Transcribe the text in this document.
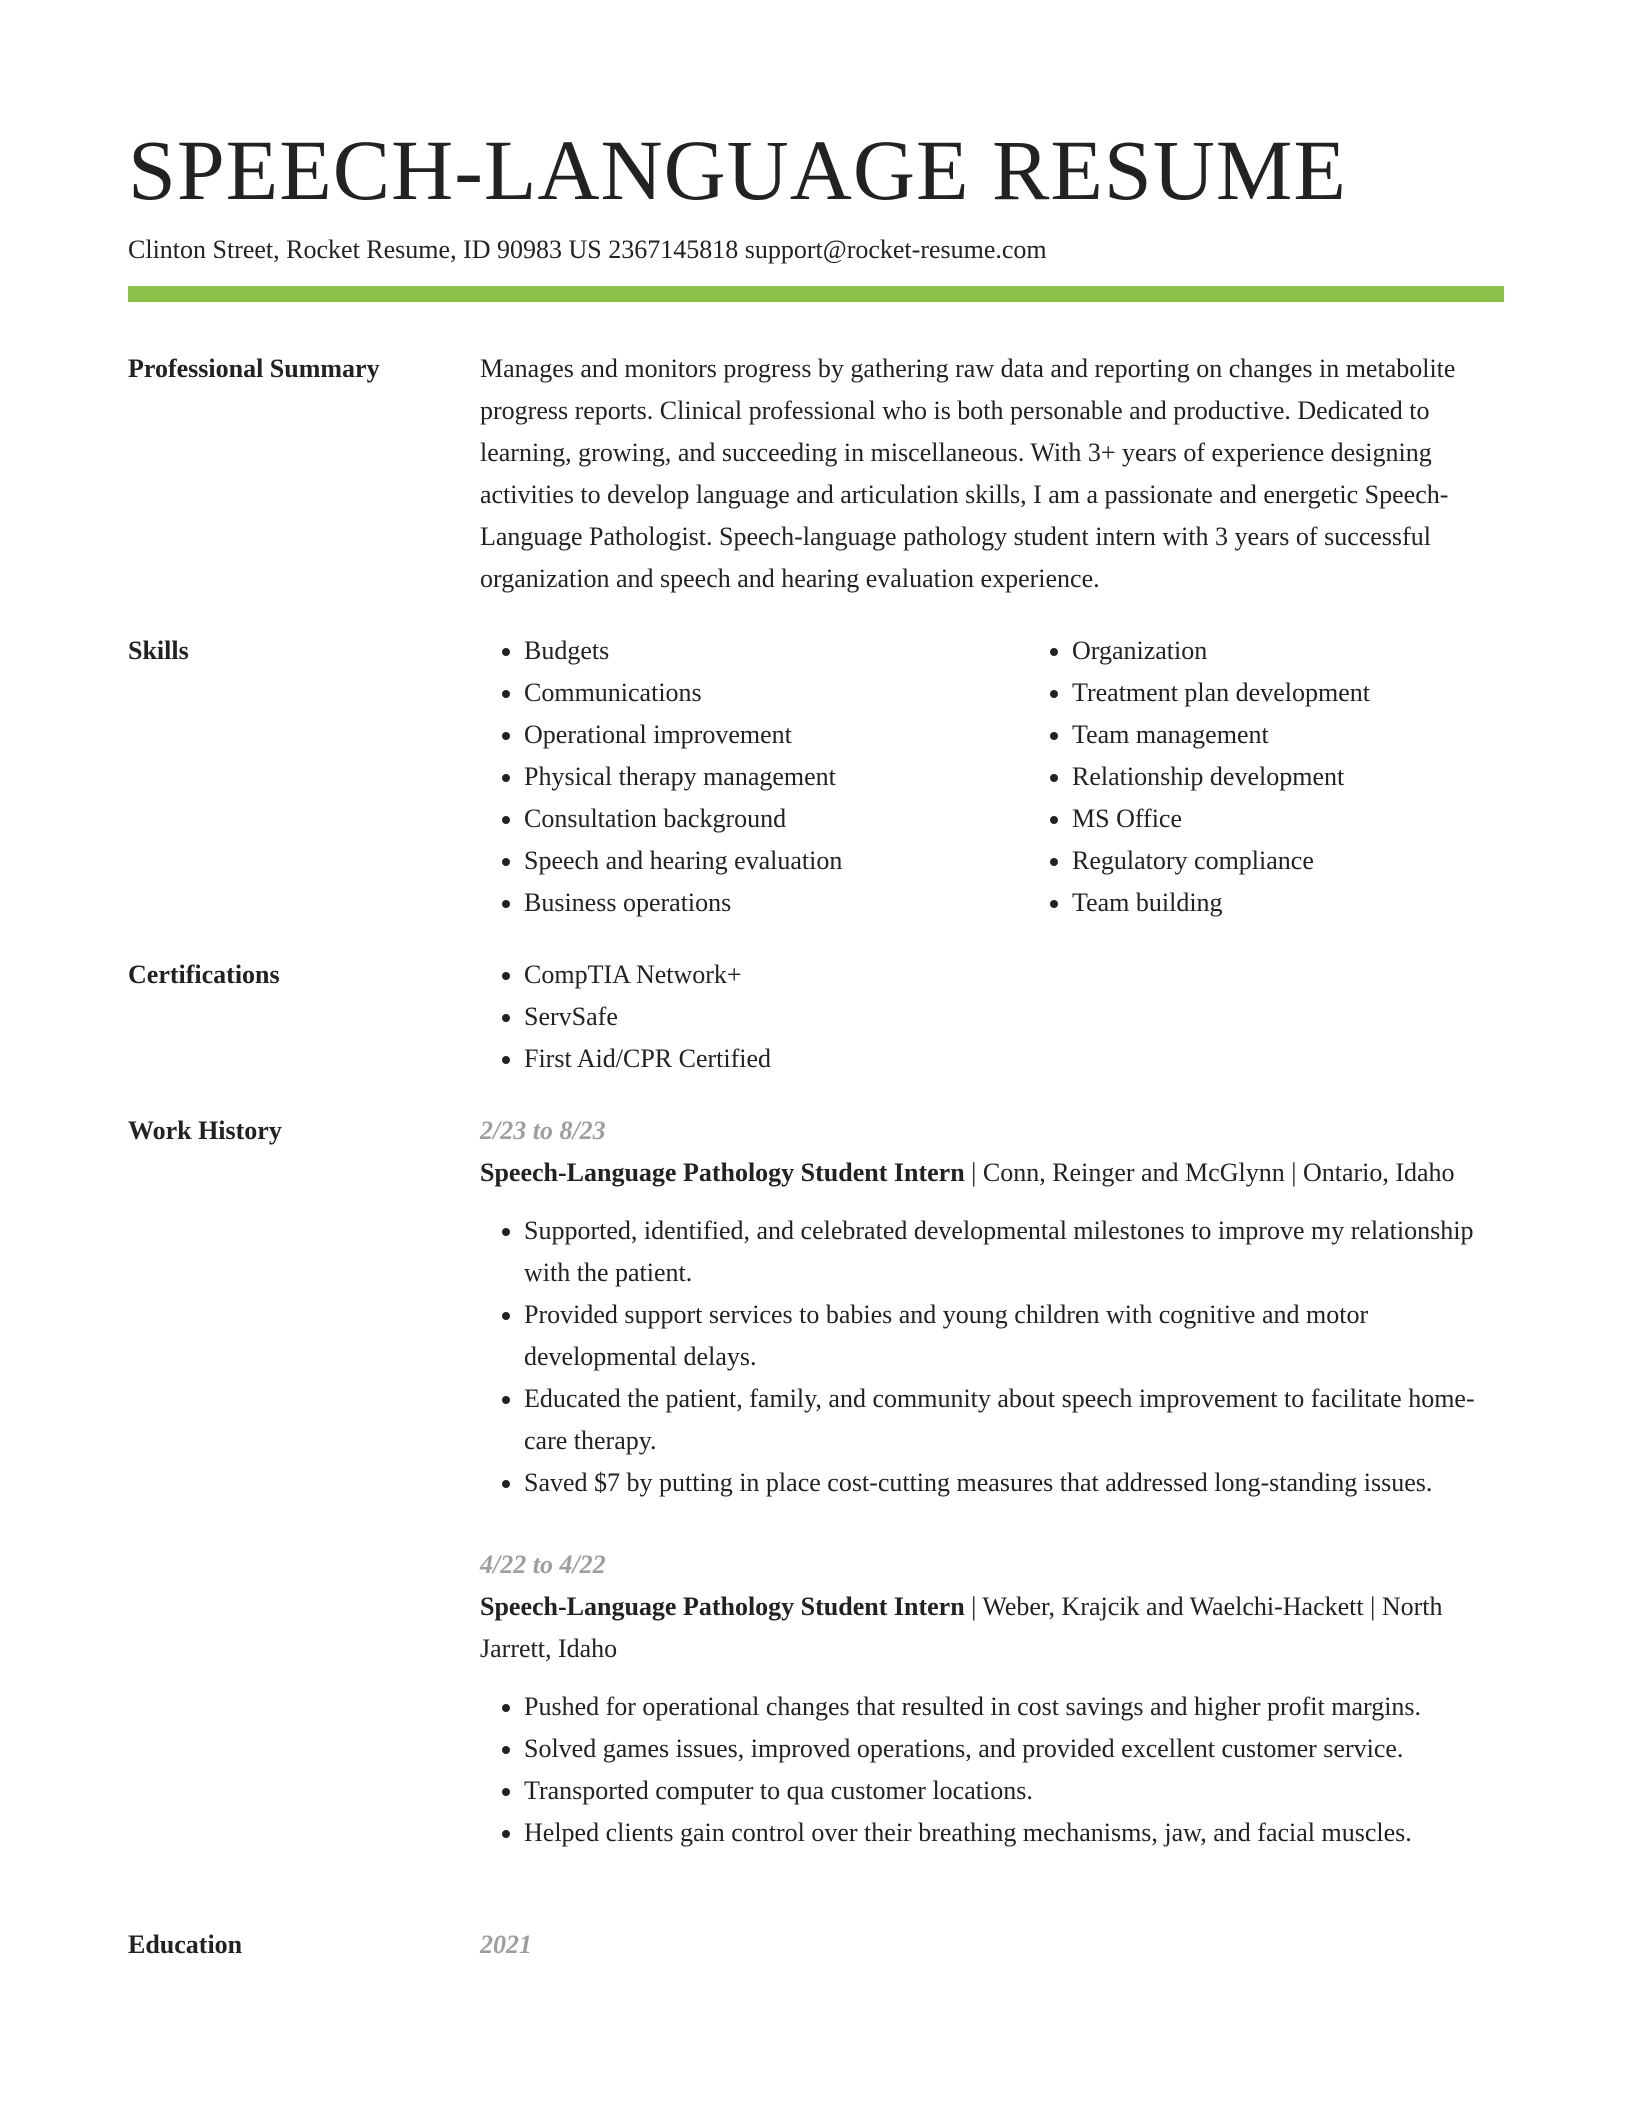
SPEECH-LANGUAGE RESUME
Clinton Street, Rocket Resume, ID 90983 US 2367145818 support@rocket-resume.com
Professional Summary	Manages and monitors progress by gathering raw data and reporting on changes in metabolite progress reports. Clinical professional who is both personable and productive. Dedicated to learning, growing, and succeeding in miscellaneous. With 3+ years of experience designing activities to develop language and articulation skills, I am a passionate and energetic Speech-Language Pathologist. Speech-language pathology student intern with 3 years of successful organization and speech and hearing evaluation experience.

Skills	• Budgets
• Communications
• Operational improvement
• Physical therapy management
• Consultation background
• Speech and hearing evaluation
• Business operations
• Organization
• Treatment plan development
• Team management
• Relationship development
• MS Office
• Regulatory compliance
• Team building
Certifications	• CompTIA Network+
• ServSafe
• First Aid/CPR Certified
Work History	2/23 to 8/23
Speech-Language Pathology Student Intern | Conn, Reinger and McGlynn | Ontario, Idaho
• Supported, identified, and celebrated developmental milestones to improve my relationship with the patient.
• Provided support services to babies and young children with cognitive and motor developmental delays.
• Educated the patient, family, and community about speech improvement to facilitate home-care therapy.
• Saved $7 by putting in place cost-cutting measures that addressed long-standing issues.
4/22 to 4/22
Speech-Language Pathology Student Intern | Weber, Krajcik and Waelchi-Hackett| North Jarrett, Idaho
• Pushed for operational changes that resulted in cost savings and higher profit margins.
• Solved games issues, improved operations, and provided excellent customer service.
• Transported computer to qua customer locations.
• Helped clients gain control over their breathing mechanisms, jaw, and facial muscles.
Education	2021
